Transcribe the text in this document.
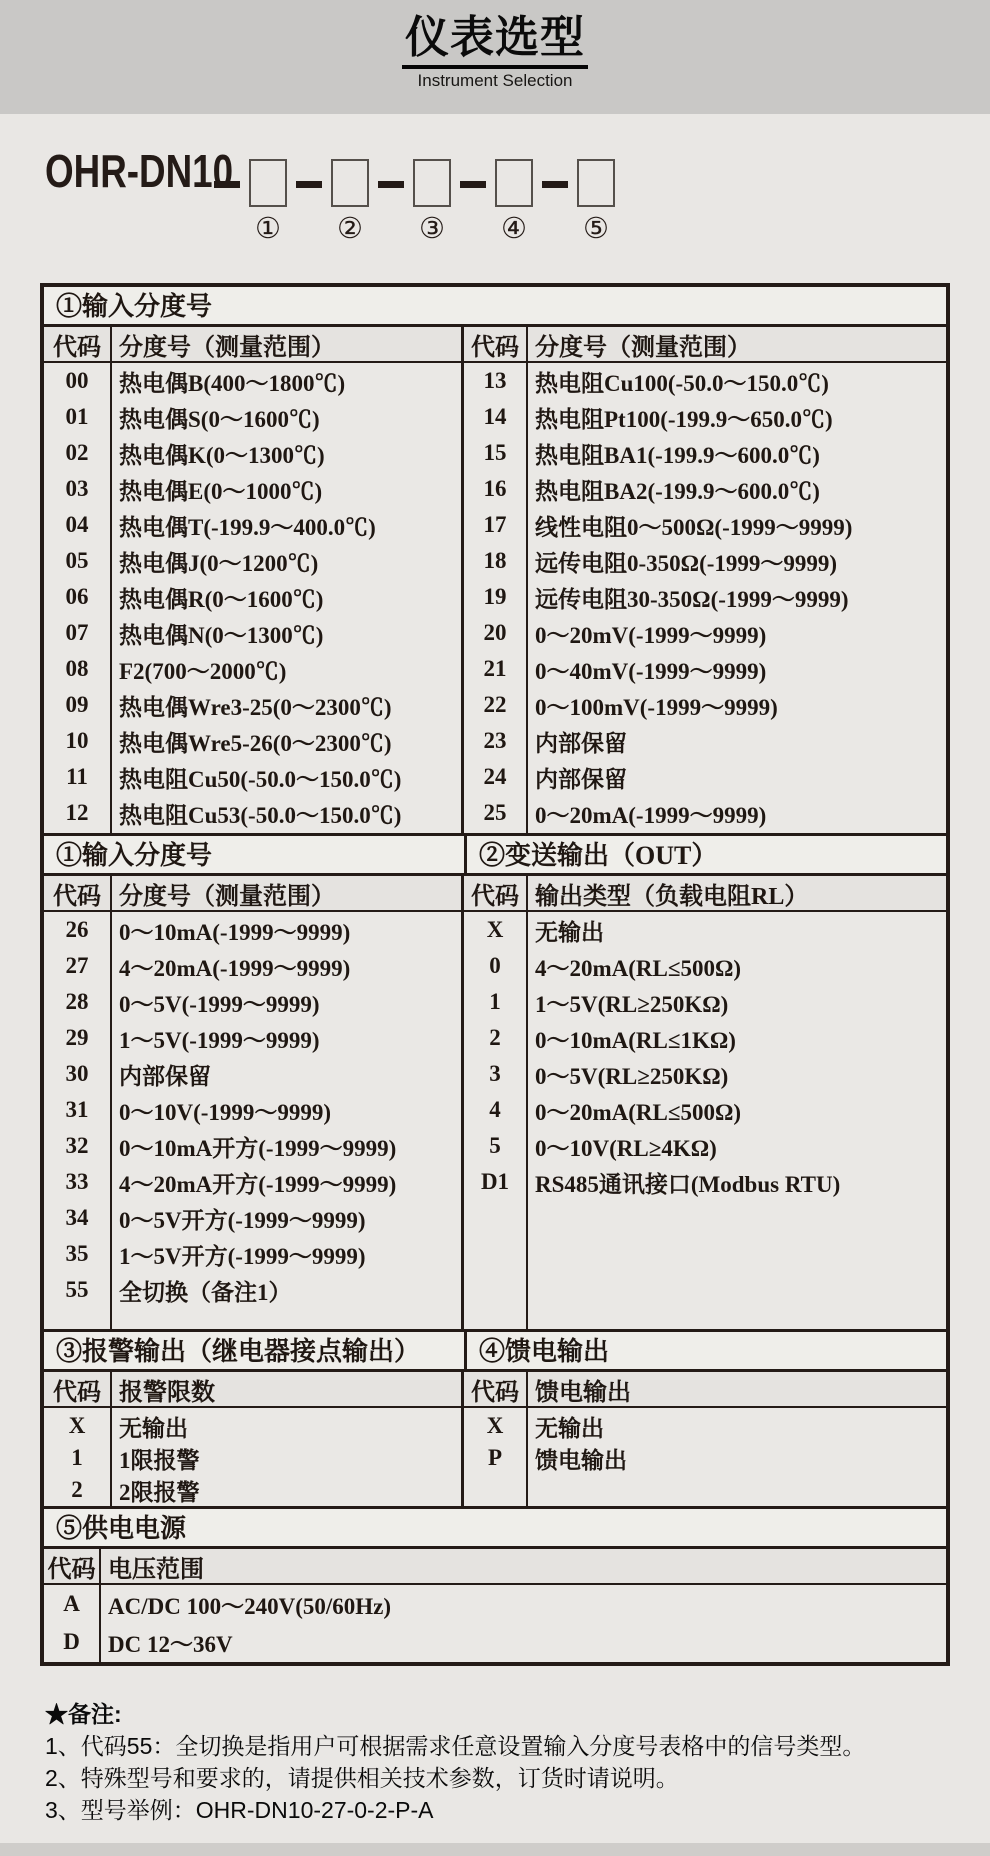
仪表选型
Instrument Selection
OHR-DN10
① ② ③ ④ ⑤
①输入分度号
代码 分度号（测量范围）
00	热电偶B(400～1800℃)
01	热电偶S(0～1600℃)
02	热电偶K(0～1300℃)
03	热电偶E(0～1000℃)
04	热电偶T(-199.9～400.0℃)
05	热电偶J(0～1200℃)
06	热电偶R(0～1600℃)
07	热电偶N(0～1300℃)
08	F2(700～2000℃)
09	热电偶Wre3-25(0～2300℃)
10	热电偶Wre5-26(0～2300℃)
11	热电阻Cu50(-50.0～150.0℃)
12	热电阻Cu53(-50.0～150.0℃)
代码 分度号（测量范围）
13	热电阻Cu100(-50.0～150.0℃)
14	热电阻Pt100(-199.9～650.0℃)
15	热电阻BA1(-199.9～600.0℃)
16	热电阻BA2(-199.9～600.0℃)
17	线性电阻0～500Ω(-1999～9999)
18	远传电阻0-350Ω(-1999～9999)
19	远传电阻30-350Ω(-1999～9999)
20	0～20mV(-1999～9999)
21	0～40mV(-1999～9999)
22	0～100mV(-1999～9999)
23	内部保留
24	内部保留
25	0～20mA(-1999～9999)
①输入分度号	②变送输出（OUT）
代码 分度号（测量范围）
26	0～10mA(-1999～9999)
27	4～20mA(-1999～9999)
28	0～5V(-1999～9999)
29	1～5V(-1999～9999)
30	内部保留
31	0～10V(-1999～9999)
32	0～10mA开方(-1999～9999)
33	4～20mA开方(-1999～9999)
34	0～5V开方(-1999～9999)
35	1～5V开方(-1999～9999)
55	全切换（备注1）
代码 输出类型（负载电阻RL）
X	无输出
0	4～20mA(RL≤500Ω)
1	1～5V(RL≥250KΩ)
2	0～10mA(RL≤1KΩ)
3	0～5V(RL≥250KΩ)
4	0～20mA(RL≤500Ω)
5	0～10V(RL≥4KΩ)
D1	RS485通讯接口(Modbus RTU)
③报警输出（继电器接点输出）	④馈电输出
代码 报警限数
X	无输出
1	1限报警
2	2限报警
代码 馈电输出
X	无输出
P	馈电输出
⑤供电电源
代码 电压范围
A	AC/DC 100～240V(50/60Hz)
D	DC 12～36V
★备注:
1、代码55：全切换是指用户可根据需求任意设置输入分度号表格中的信号类型。
2、特殊型号和要求的，请提供相关技术参数，订货时请说明。
3、型号举例：OHR-DN10-27-0-2-P-A
